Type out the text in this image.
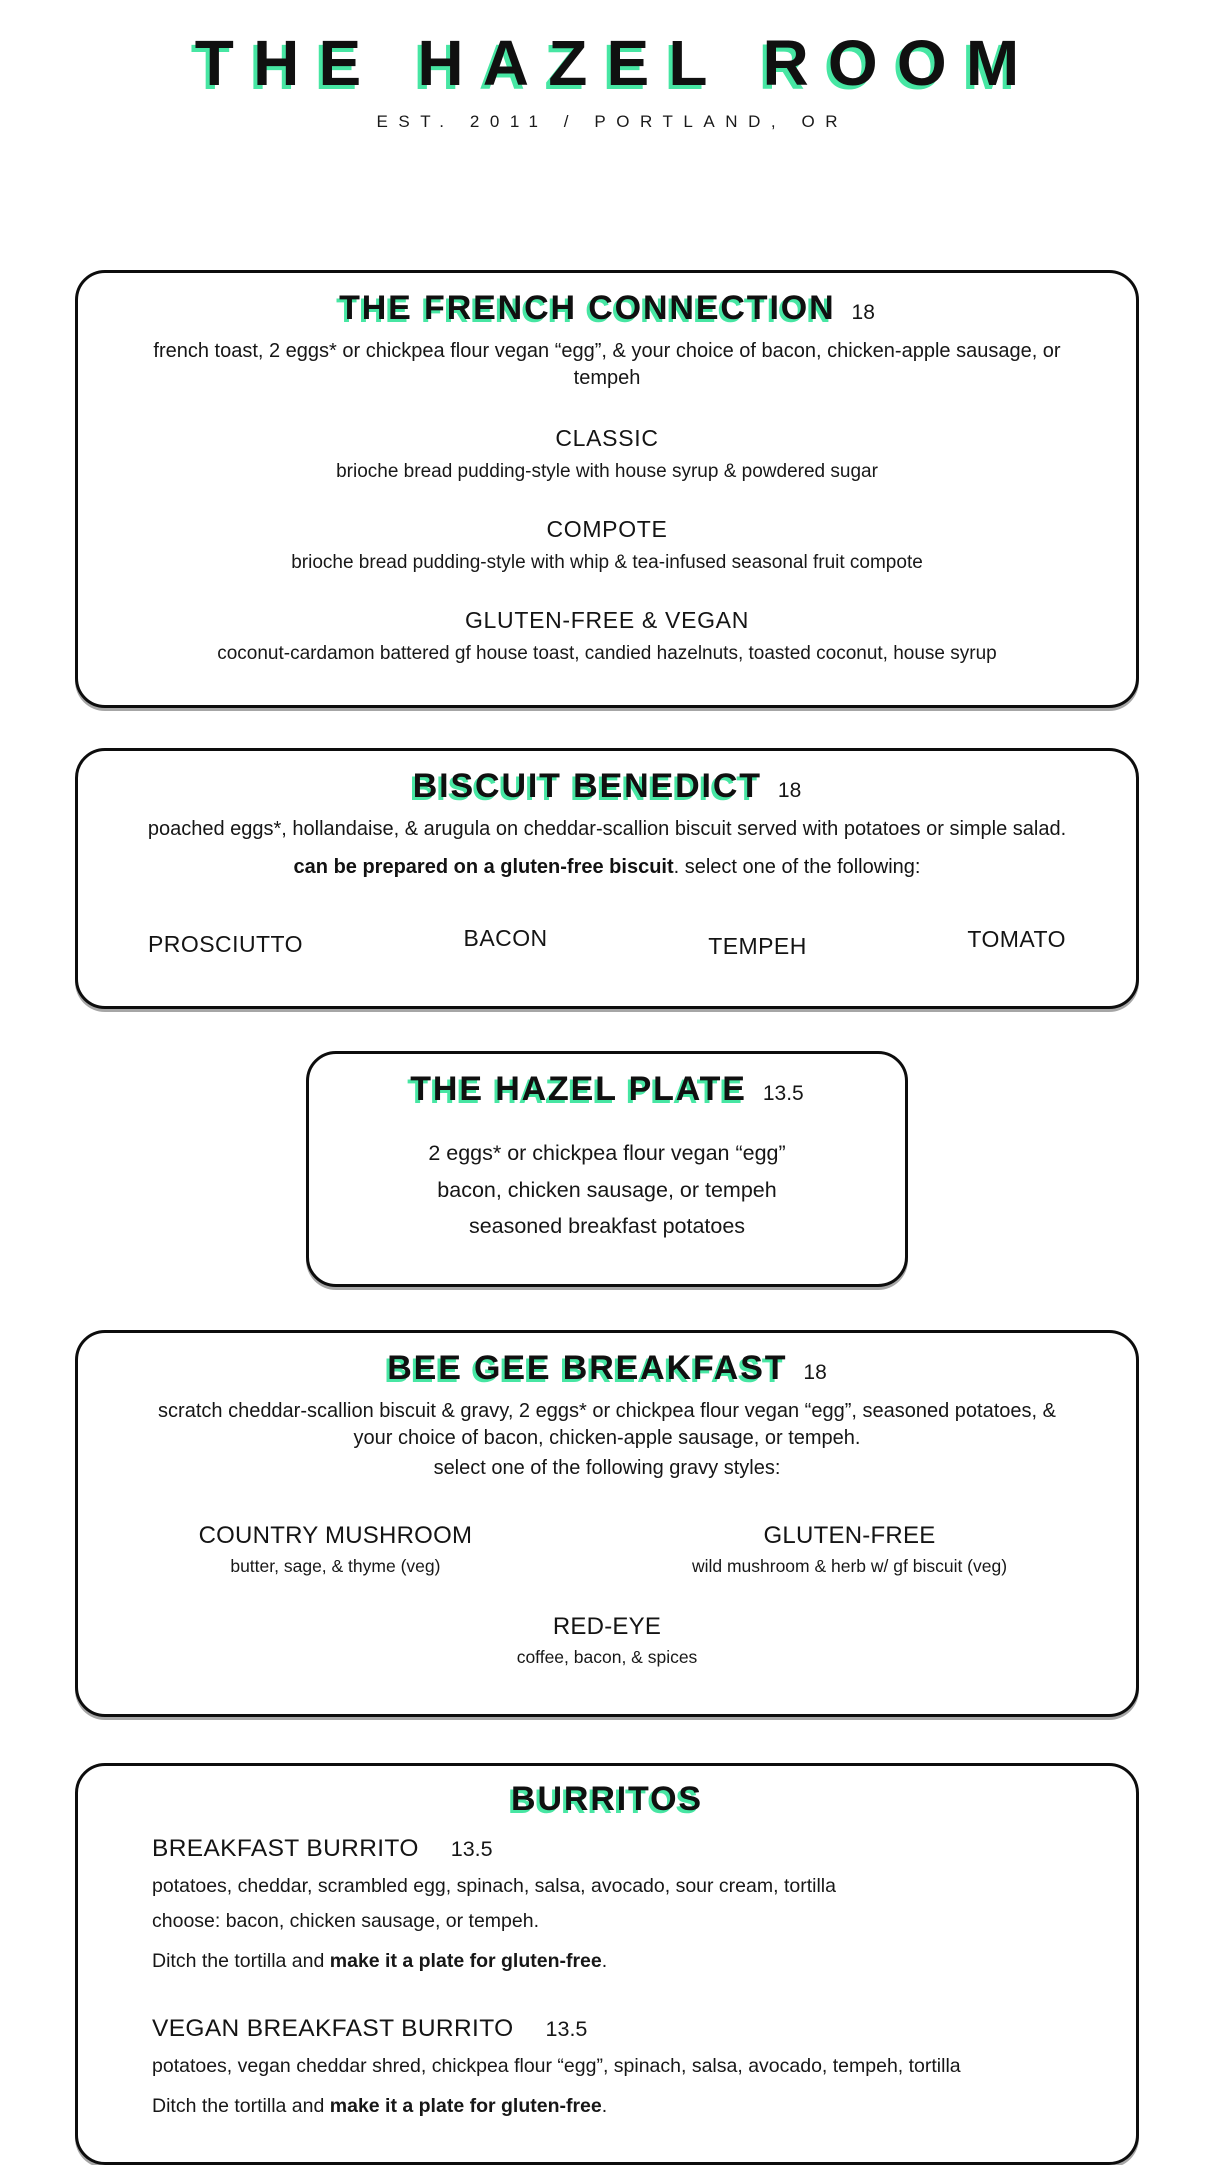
THE HAZEL ROOM
EST. 2011 / PORTLAND, OR
THE FRENCH CONNECTION 18

french toast, 2 eggs* or chickpea flour vegan “egg”, & your choice of bacon, chicken-apple sausage, or tempeh

CLASSIC
brioche bread pudding-style with house syrup & powdered sugar
COMPOTE
brioche bread pudding-style with whip & tea-infused seasonal fruit compote
GLUTEN-FREE & VEGAN
coconut-cardamon battered gf house toast, candied hazelnuts, toasted coconut, house syrup
BISCUIT BENEDICT 18

poached eggs*, hollandaise, & arugula on cheddar-scallion biscuit served with potatoes or simple salad.

can be prepared on a gluten-free biscuit. select one of the following:

PROSCIUTTO	BACON	TEMPEH	TOMATO
THE HAZEL PLATE 13.5
2 eggs* or chickpea flour vegan “egg”
bacon, chicken sausage, or tempeh
seasoned breakfast potatoes
BEE GEE BREAKFAST 18

scratch cheddar-scallion biscuit & gravy, 2 eggs* or chickpea flour vegan “egg”, seasoned potatoes, & your choice of bacon, chicken-apple sausage, or tempeh.

select one of the following gravy styles:

COUNTRY MUSHROOM
butter, sage, & thyme (veg)
GLUTEN-FREE
wild mushroom & herb w/ gf biscuit (veg)
RED-EYE
coffee, bacon, & spices
BURRITOS
BREAKFAST BURRITO 13.5
potatoes, cheddar, scrambled egg, spinach, salsa, avocado, sour cream, tortilla
choose: bacon, chicken sausage, or tempeh.
Ditch the tortilla and make it a plate for gluten-free.
VEGAN BREAKFAST BURRITO 13.5
potatoes, vegan cheddar shred, chickpea flour “egg”, spinach, salsa, avocado, tempeh, tortilla
Ditch the tortilla and make it a plate for gluten-free.
